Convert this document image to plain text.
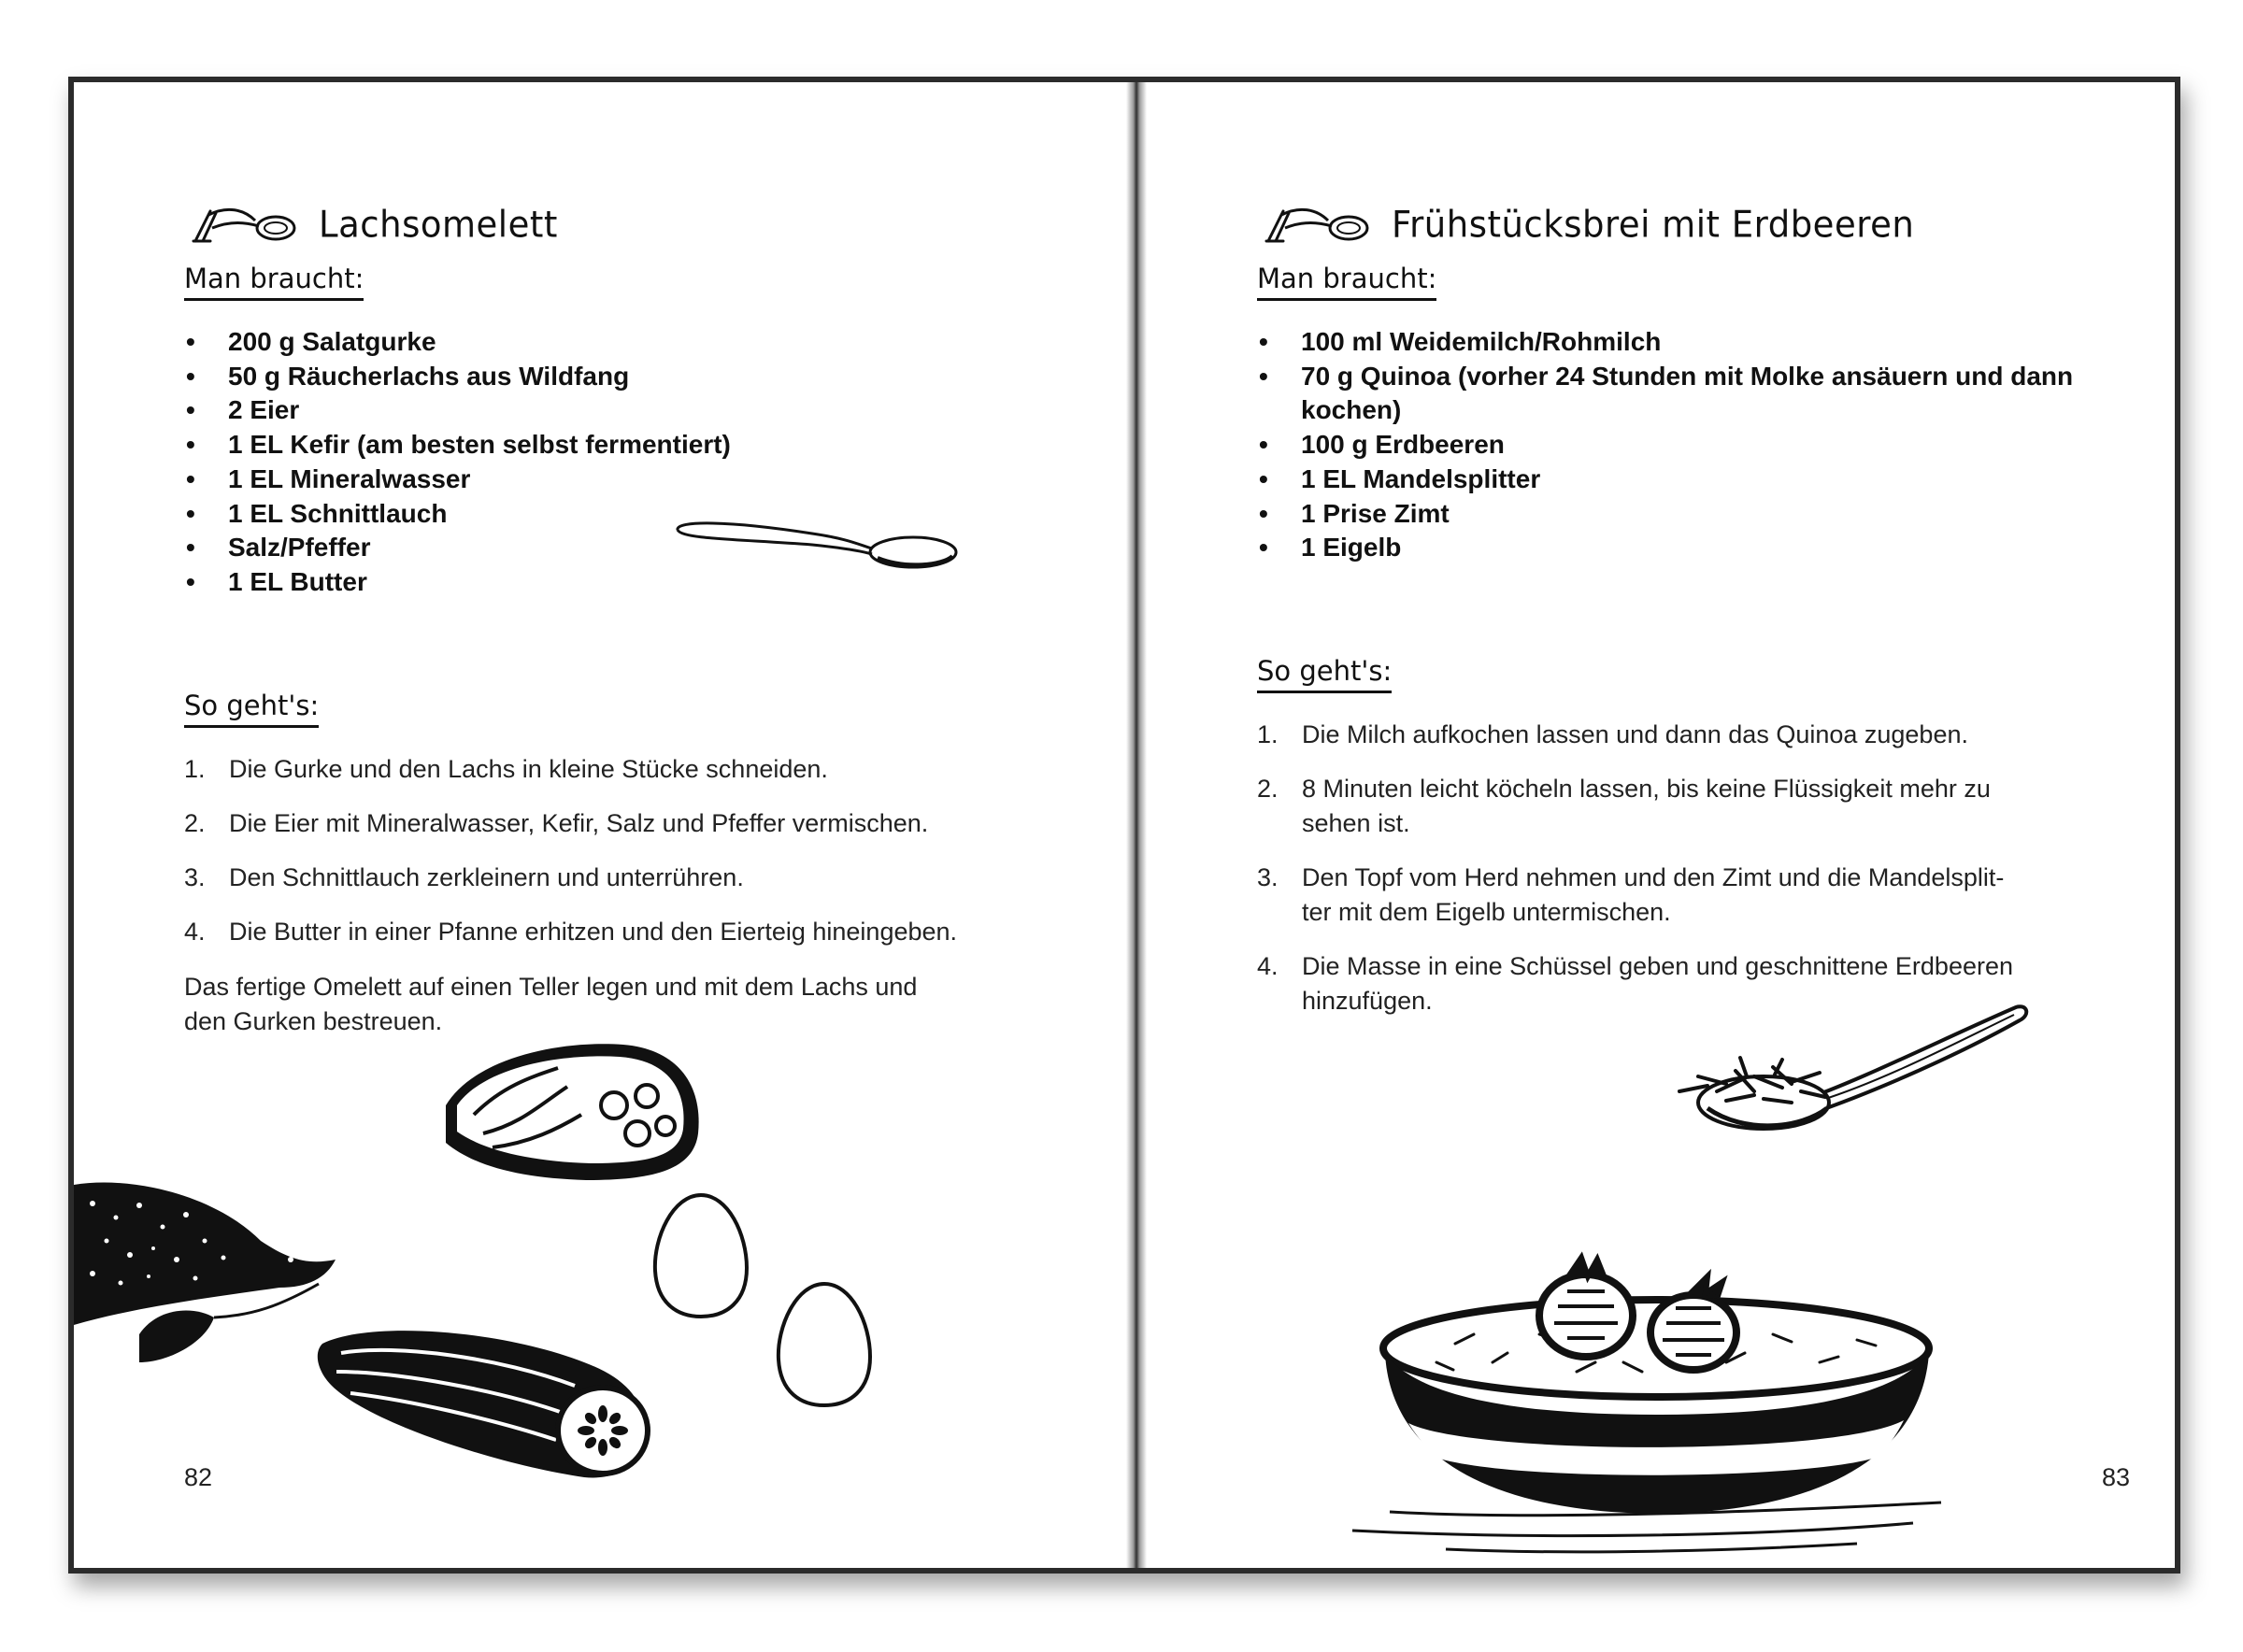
Lachsomelett
Man braucht:
• 200 g Salatgurke
• 50 g Räucherlachs aus Wildfang
• 2 Eier
• 1 EL Kefir (am besten selbst fermentiert)
• 1 EL Mineralwasser
• 1 EL Schnittlauch
• Salz/Pfeffer
• 1 EL Butter
So geht's:
1. Die Gurke und den Lachs in kleine Stücke schneiden.
2. Die Eier mit Mineralwasser, Kefir, Salz und Pfeffer vermischen.
3. Den Schnittlauch zerkleinern und unterrühren.
4. Die Butter in einer Pfanne erhitzen und den Eierteig hineingeben.

Das fertige Omelett auf einen Teller legen und mit dem Lachs und
den Gurken bestreuen.

82
Frühstücksbrei mit Erdbeeren
Man braucht:
• 100 ml Weidemilch/Rohmilch
• 70 g Quinoa (vorher 24 Stunden mit Molke ansäuern und dann
kochen)
• 100 g Erdbeeren
• 1 EL Mandelsplitter
• 1 Prise Zimt
• 1 Eigelb
So geht's:
1. Die Milch aufkochen lassen und dann das Quinoa zugeben.
2. 8 Minuten leicht köcheln lassen, bis keine Flüssigkeit mehr zu
sehen ist.
3. Den Topf vom Herd nehmen und den Zimt und die Mandelsplit-
ter mit dem Eigelb untermischen.
4. Die Masse in eine Schüssel geben und geschnittene Erdbeeren
hinzufügen.
83
